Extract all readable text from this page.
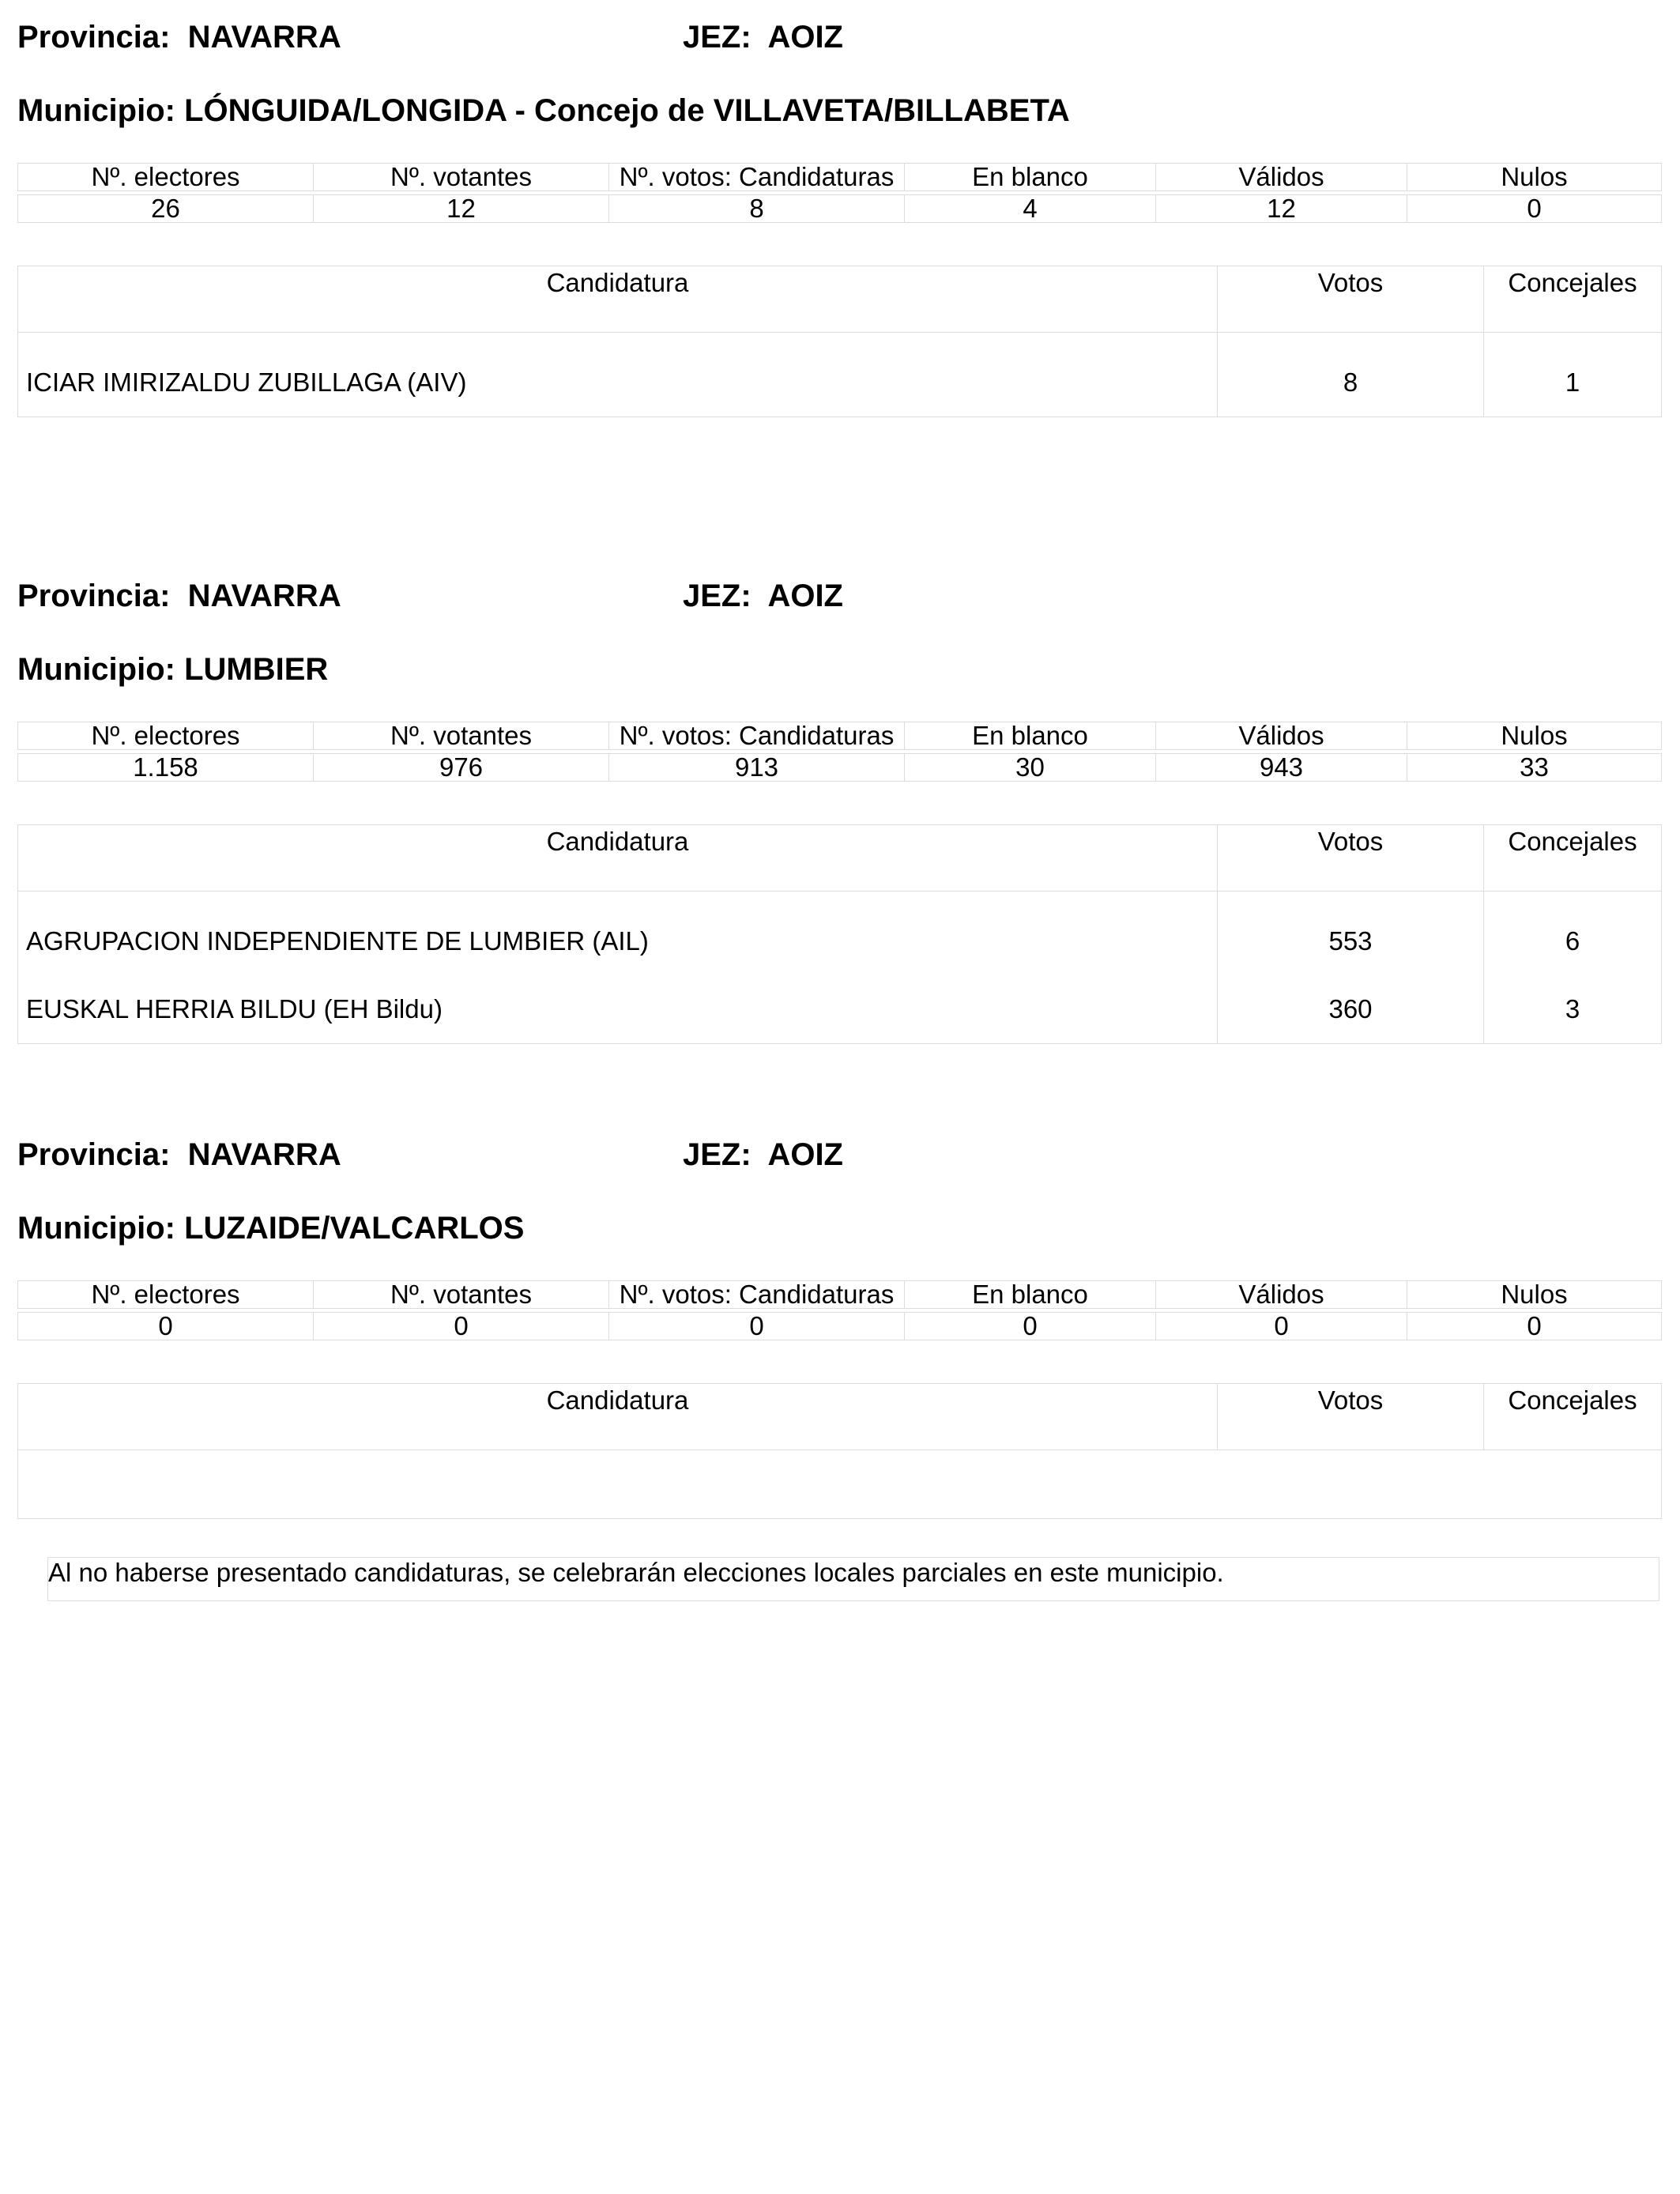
Provincia: NAVARRA	JEZ: AOIZ
Municipio: LÓNGUIDA/LONGIDA - Concejo de VILLAVETA/BILLABETA
Nº. electores	Nº. votantes	Nº. votos: Candidaturas	En blanco	Válidos	Nulos

26	12	8	4	12	0
Candidatura	Votos	Concejales
ICIAR IMIRIZALDU ZUBILLAGA (AIV)	8	1
Provincia: NAVARRA	JEZ: AOIZ
Municipio: LUMBIER
Nº. electores	Nº. votantes	Nº. votos: Candidaturas	En blanco	Válidos	Nulos

1.158	976	913	30	943	33
Candidatura	Votos	Concejales
AGRUPACION INDEPENDIENTE DE LUMBIER (AIL)	553	6
EUSKAL HERRIA BILDU (EH Bildu)	360	3
Provincia: NAVARRA	JEZ: AOIZ
Municipio: LUZAIDE/VALCARLOS
Nº. electores	Nº. votantes	Nº. votos: Candidaturas	En blanco	Válidos	Nulos

0	0	0	0	0	0
Candidatura	Votos	Concejales

Al no haberse presentado candidaturas, se celebrarán elecciones locales parciales en este municipio.
